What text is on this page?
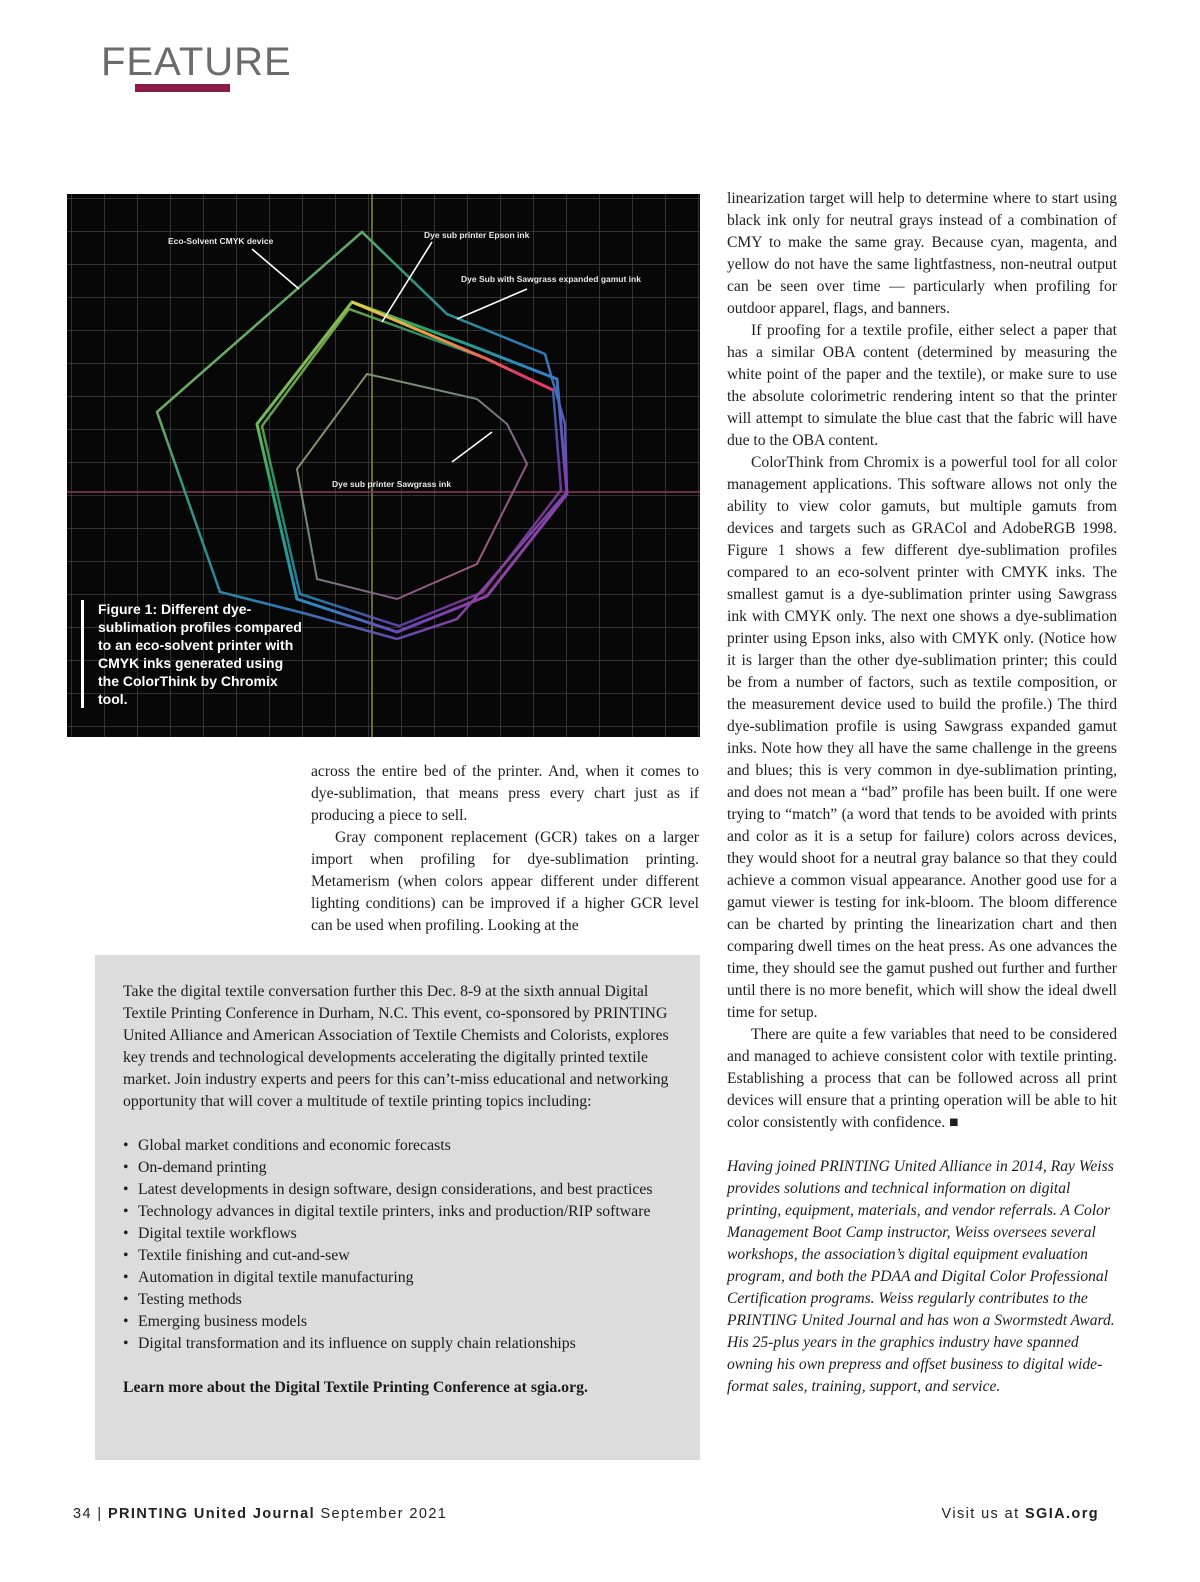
FEATURE
Eco-Solvent CMYK device
Dye sub printer Epson ink
Dye Sub with Sawgrass expanded gamut ink
Dye sub printer Sawgrass ink
Figure 1: Different dye-sublimation profiles compared to an eco-solvent printer with CMYK inks generated using the ColorThink by Chromix tool.

across the entire bed of the printer. And, when it comes to dye-sublimation, that means press every chart just as if producing a piece to sell.

Gray component replacement (GCR) takes on a larger import when profiling for dye-sublimation printing. Metamerism (when colors appear different under different lighting conditions) can be improved if a higher GCR level can be used when profiling. Looking at the

linearization target will help to determine where to start using black ink only for neutral grays instead of a combination of CMY to make the same gray. Because cyan, magenta, and yellow do not have the same lightfastness, non-neutral output can be seen over time — particularly when profiling for outdoor apparel, flags, and banners.

If proofing for a textile profile, either select a paper that has a similar OBA content (determined by measuring the white point of the paper and the textile), or make sure to use the absolute colorimetric rendering intent so that the printer will attempt to simulate the blue cast that the fabric will have due to the OBA content.

ColorThink from Chromix is a powerful tool for all color management applications. This software allows not only the ability to view color gamuts, but multiple gamuts from devices and targets such as GRACol and AdobeRGB 1998. Figure 1 shows a few different dye-sublimation profiles compared to an eco-solvent printer with CMYK inks. The smallest gamut is a dye-sublimation printer using Sawgrass ink with CMYK only. The next one shows a dye-sublimation printer using Epson inks, also with CMYK only. (Notice how it is larger than the other dye-sublimation printer; this could be from a number of factors, such as textile composition, or the measurement device used to build the profile.) The third dye-sublimation profile is using Sawgrass expanded gamut inks. Note how they all have the same challenge in the greens and blues; this is very common in dye-sublimation printing, and does not mean a “bad” profile has been built. If one were trying to “match” (a word that tends to be avoided with prints and color as it is a setup for failure) colors across devices, they would shoot for a neutral gray balance so that they could achieve a common visual appearance. Another good use for a gamut viewer is testing for ink-bloom. The bloom difference can be charted by printing the linearization chart and then comparing dwell times on the heat press. As one advances the time, they should see the gamut pushed out further and further until there is no more benefit, which will show the ideal dwell time for setup.

There are quite a few variables that need to be considered and managed to achieve consistent color with textile printing. Establishing a process that can be followed across all print devices will ensure that a printing operation will be able to hit color consistently with confidence. ■

Having joined PRINTING United Alliance in 2014, Ray Weiss provides solutions and technical information on digital printing, equipment, materials, and vendor referrals. A Color Management Boot Camp instructor, Weiss oversees several workshops, the association’s digital equipment evaluation program, and both the PDAA and Digital Color Professional Certification programs. Weiss regularly contributes to the PRINTING United Journal and has won a Swormstedt Award. His 25-plus years in the graphics industry have spanned owning his own prepress and offset business to digital wide-format sales, training, support, and service.

Take the digital textile conversation further this Dec. 8-9 at the sixth annual Digital Textile Printing Conference in Durham, N.C. This event, co-sponsored by PRINTING United Alliance and American Association of Textile Chemists and Colorists, explores key trends and technological developments accelerating the digitally printed textile market. Join industry experts and peers for this can’t-miss educational and networking opportunity that will cover a multitude of textile printing topics including:

• Global market conditions and economic forecasts
• On-demand printing
• Latest developments in design software, design considerations, and best practices
• Technology advances in digital textile printers, inks and production/RIP software
• Digital textile workflows
• Textile finishing and cut-and-sew
• Automation in digital textile manufacturing
• Testing methods
• Emerging business models
• Digital transformation and its influence on supply chain relationships

Learn more about the Digital Textile Printing Conference at sgia.org.

34 | PRINTING United Journal September 2021	Visit us at SGIA.org
